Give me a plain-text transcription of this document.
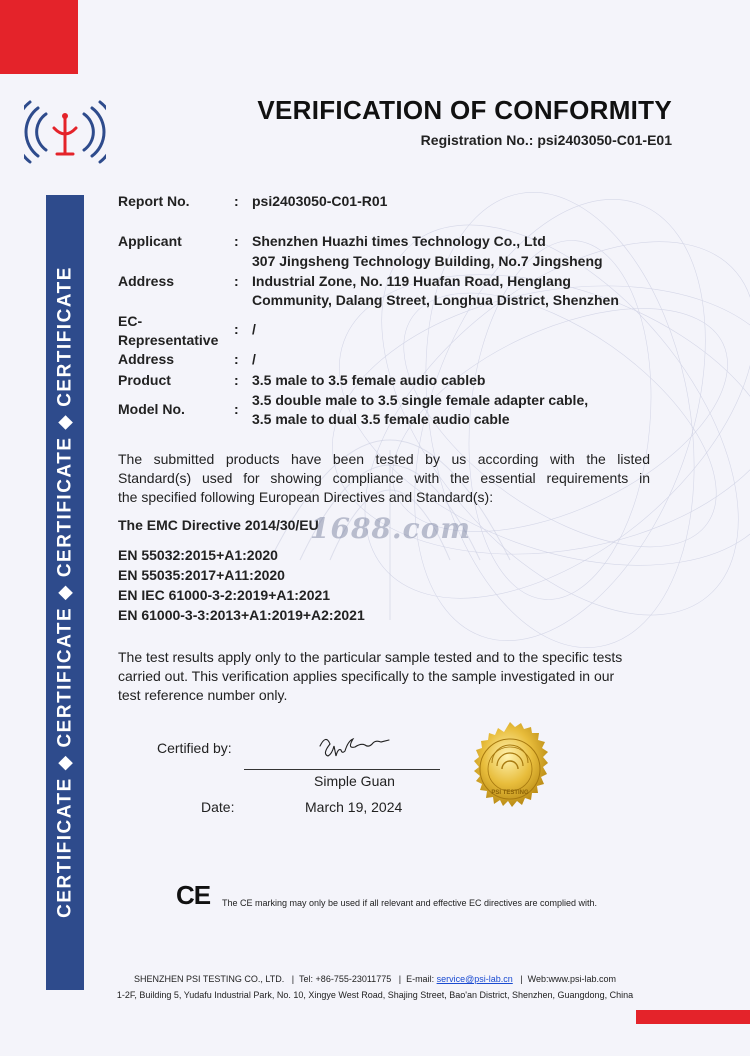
CERTIFICATE ◆ CERTIFICATE ◆ CERTIFICATE ◆ CERTIFICATE
VERIFICATION OF CONFORMITY
Registration No.: psi2403050-C01-E01
Report No.	: psi2403050-C01-R01
Applicant	: Shenzhen Huazhi times Technology Co., Ltd
307 Jingsheng Technology Building, No.7 Jingsheng
Address	: Industrial Zone, No. 119 Huafan Road, Henglang
Community, Dalang Street, Longhua District, Shenzhen
EC-
Representative
: /
Address	: /
Product	: 3.5 male to 3.5 female audio cableb
3.5 double male to 3.5 single female adapter cable,
Model No.	:
3.5 male to dual 3.5 female audio cable
The submitted products have been tested by us according with the listed
Standard(s) used for showing compliance with the essential requirements in
the specified following European Directives and Standard(s):
The EMC Directive 2014/30/EU
1688.com
EN 55032:2015+A1:2020
EN 55035:2017+A11:2020
EN IEC 61000-3-2:2019+A1:2021
EN 61000-3-3:2013+A1:2019+A2:2021
The test results apply only to the particular sample tested and to the specific tests
carried out. This verification applies specifically to the sample investigated in our
test reference number only.
Certified by:
Simple Guan
Simple Guan
Date:	March 19, 2024
PSI TESTING
CE The CE marking may only be used if all relevant and effective EC directives are complied with.
SHENZHEN PSI TESTING CO., LTD.   |  Tel: +86-755-23011775   |  E-mail: service@psi-lab.cn   |  Web:www.psi-lab.com
1-2F, Building 5, Yudafu Industrial Park, No. 10, Xingye West Road, Shajing Street, Bao'an District, Shenzhen, Guangdong, China
